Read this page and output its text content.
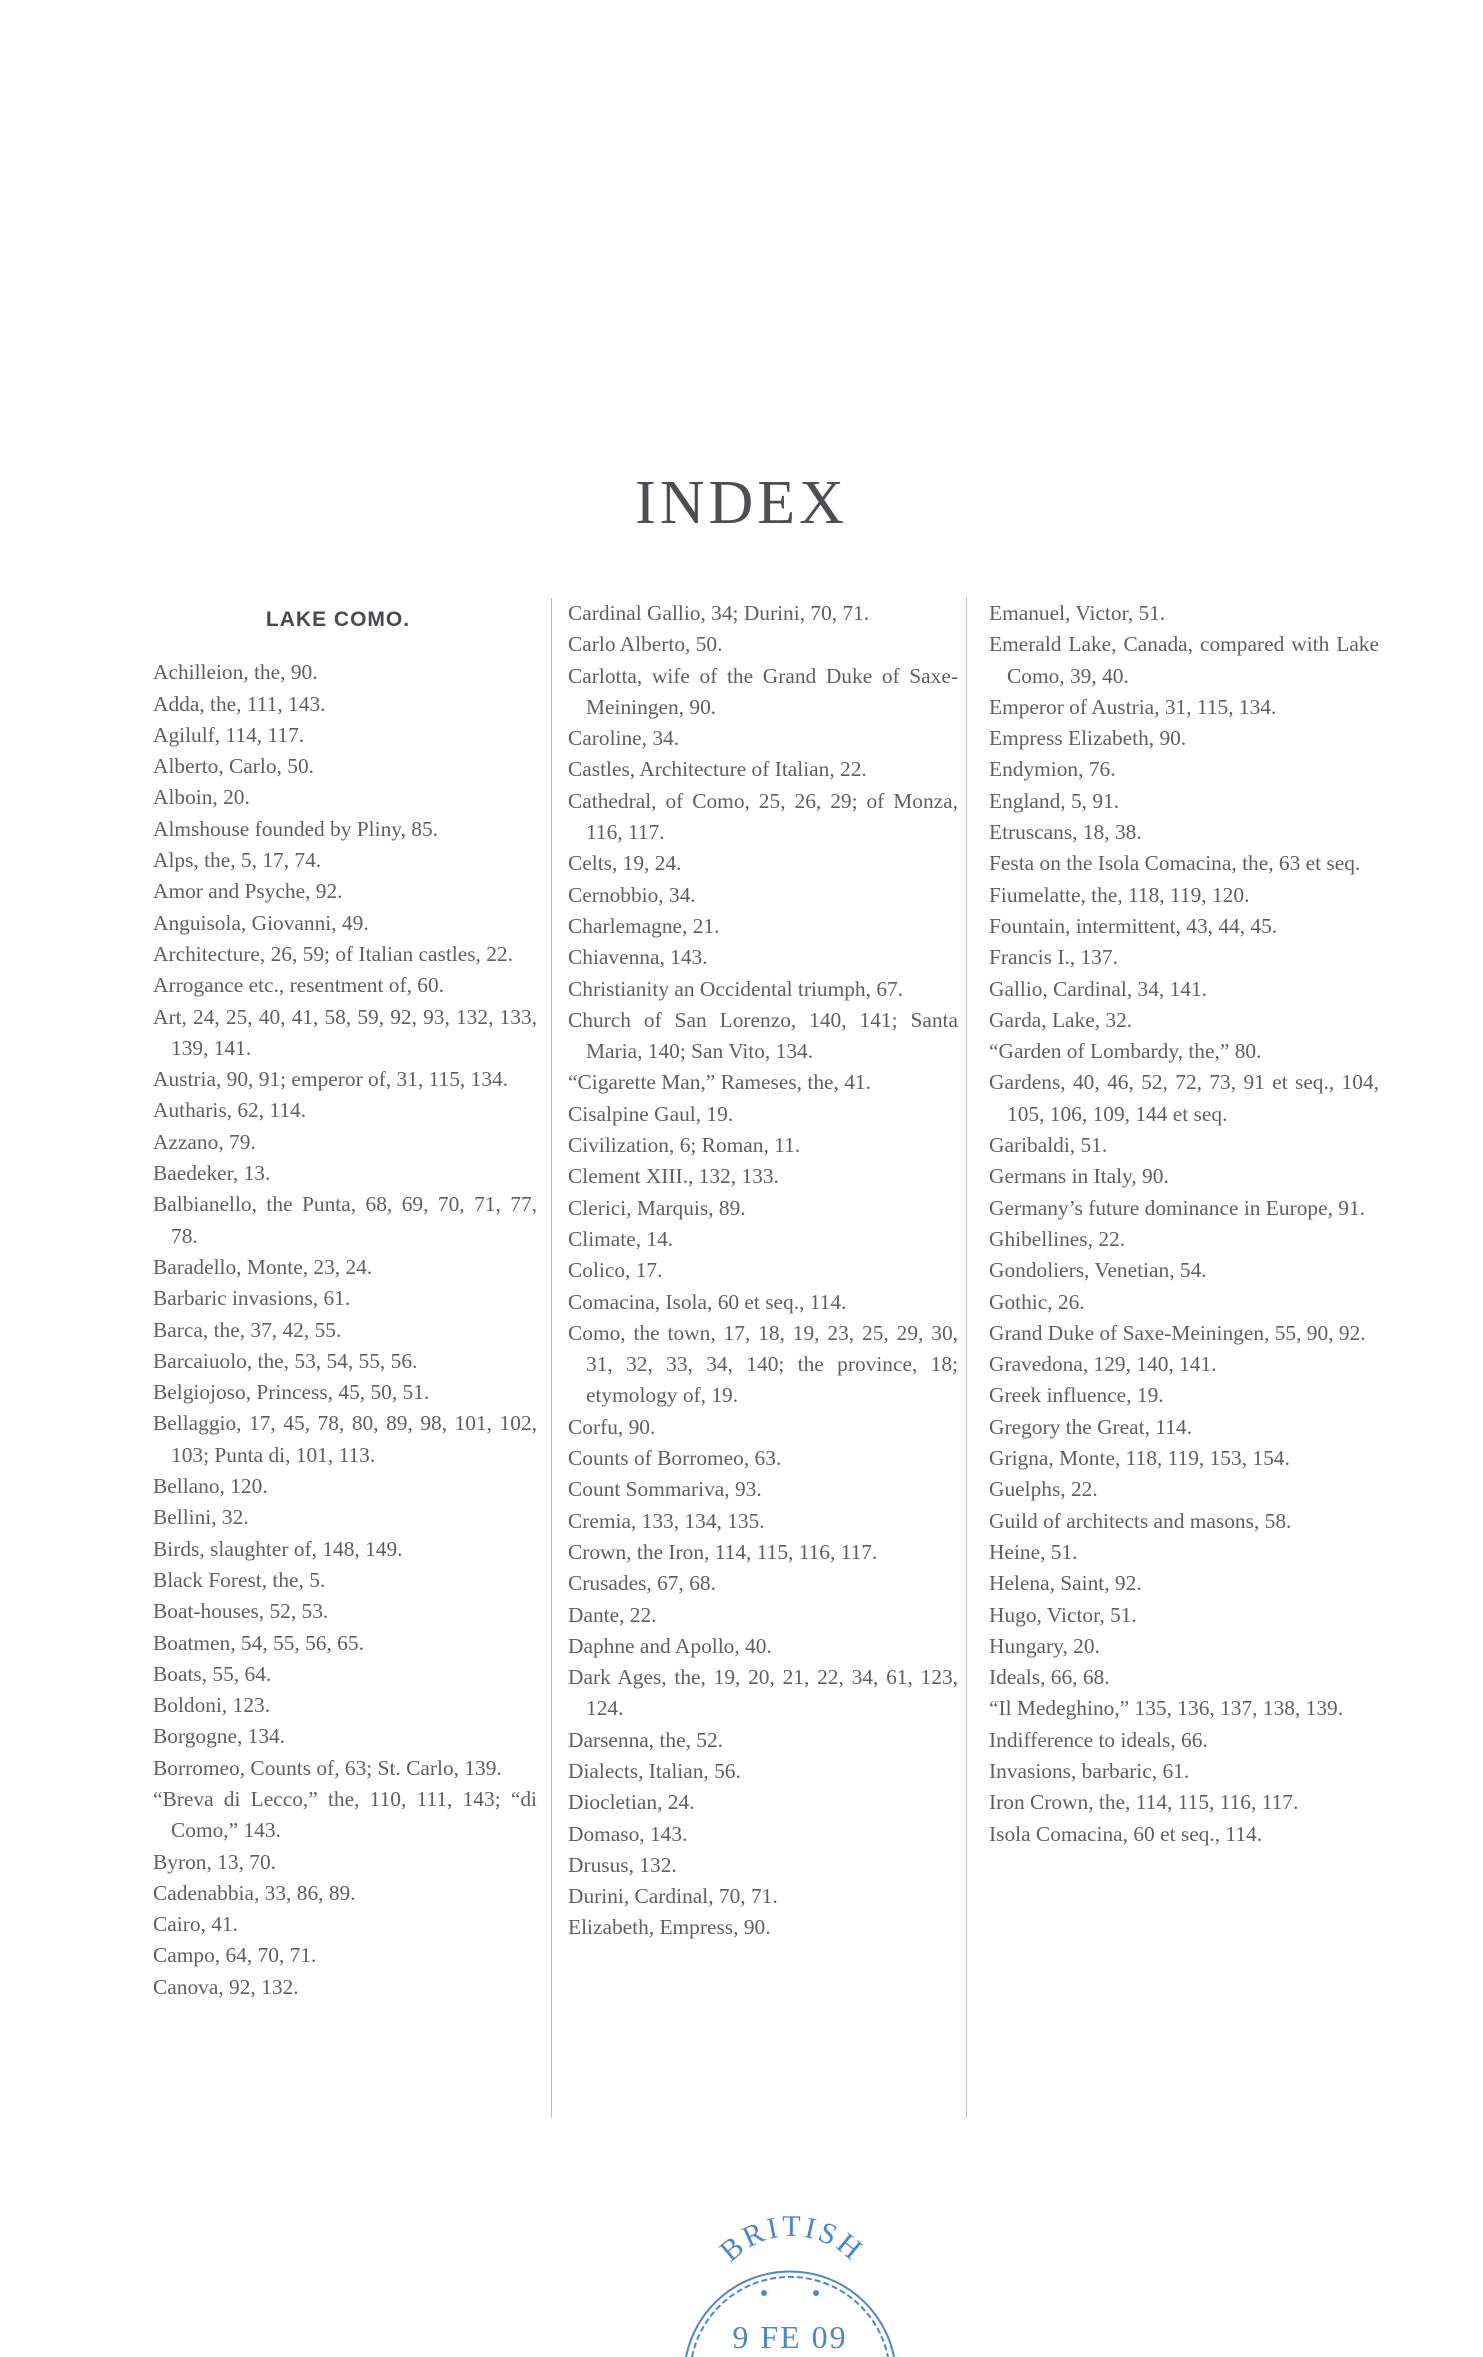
INDEX
LAKE COMO.

Achilleion, the, 90.

Adda, the, 111, 143.

Agilulf, 114, 117.

Alberto, Carlo, 50.

Alboin, 20.

Almshouse founded by Pliny, 85.

Alps, the, 5, 17, 74.

Amor and Psyche, 92.

Anguisola, Giovanni, 49.

Architecture, 26, 59; of Italian castles, 22.

Arrogance etc., resentment of, 60.

Art, 24, 25, 40, 41, 58, 59, 92, 93, 132, 133, 139, 141.

Austria, 90, 91; emperor of, 31, 115, 134.

Autharis, 62, 114.

Azzano, 79.

Baedeker, 13.

Balbianello, the Punta, 68, 69, 70, 71, 77, 78.

Baradello, Monte, 23, 24.

Barbaric invasions, 61.

Barca, the, 37, 42, 55.

Barcaiuolo, the, 53, 54, 55, 56.

Belgiojoso, Princess, 45, 50, 51.

Bellaggio, 17, 45, 78, 80, 89, 98, 101, 102, 103; Punta di, 101, 113.

Bellano, 120.

Bellini, 32.

Birds, slaughter of, 148, 149.

Black Forest, the, 5.

Boat-houses, 52, 53.

Boatmen, 54, 55, 56, 65.

Boats, 55, 64.

Boldoni, 123.

Borgogne, 134.

Borromeo, Counts of, 63; St. Carlo, 139.

“Breva di Lecco,” the, 110, 111, 143; “di Como,” 143.

Byron, 13, 70.

Cadenabbia, 33, 86, 89.

Cairo, 41.

Campo, 64, 70, 71.

Canova, 92, 132.

Cardinal Gallio, 34; Durini, 70, 71.

Carlo Alberto, 50.

Carlotta, wife of the Grand Duke of Saxe-Meiningen, 90.

Caroline, 34.

Castles, Architecture of Italian, 22.

Cathedral, of Como, 25, 26, 29; of Monza, 116, 117.

Celts, 19, 24.

Cernobbio, 34.

Charlemagne, 21.

Chiavenna, 143.

Christianity an Occidental triumph, 67.

Church of San Lorenzo, 140, 141; Santa Maria, 140; San Vito, 134.

“Cigarette Man,” Rameses, the, 41.

Cisalpine Gaul, 19.

Civilization, 6; Roman, 11.

Clement XIII., 132, 133.

Clerici, Marquis, 89.

Climate, 14.

Colico, 17.

Comacina, Isola, 60 et seq., 114.

Como, the town, 17, 18, 19, 23, 25, 29, 30, 31, 32, 33, 34, 140; the province, 18; etymology of, 19.

Corfu, 90.

Counts of Borromeo, 63.

Count Sommariva, 93.

Cremia, 133, 134, 135.

Crown, the Iron, 114, 115, 116, 117.

Crusades, 67, 68.

Dante, 22.

Daphne and Apollo, 40.

Dark Ages, the, 19, 20, 21, 22, 34, 61, 123, 124.

Darsenna, the, 52.

Dialects, Italian, 56.

Diocletian, 24.

Domaso, 143.

Drusus, 132.

Durini, Cardinal, 70, 71.

Elizabeth, Empress, 90.

Emanuel, Victor, 51.

Emerald Lake, Canada, compared with Lake Como, 39, 40.

Emperor of Austria, 31, 115, 134.

Empress Elizabeth, 90.

Endymion, 76.

England, 5, 91.

Etruscans, 18, 38.

Festa on the Isola Comacina, the, 63 et seq.

Fiumelatte, the, 118, 119, 120.

Fountain, intermittent, 43, 44, 45.

Francis I., 137.

Gallio, Cardinal, 34, 141.

Garda, Lake, 32.

“Garden of Lombardy, the,” 80.

Gardens, 40, 46, 52, 72, 73, 91 et seq., 104, 105, 106, 109, 144 et seq.

Garibaldi, 51.

Germans in Italy, 90.

Germany’s future dominance in Europe, 91.

Ghibellines, 22.

Gondoliers, Venetian, 54.

Gothic, 26.

Grand Duke of Saxe-Meiningen, 55, 90, 92.

Gravedona, 129, 140, 141.

Greek influence, 19.

Gregory the Great, 114.

Grigna, Monte, 118, 119, 153, 154.

Guelphs, 22.

Guild of architects and masons, 58.

Heine, 51.

Helena, Saint, 92.

Hugo, Victor, 51.

Hungary, 20.

Ideals, 66, 68.

“Il Medeghino,” 135, 136, 137, 138, 139.

Indifference to ideals, 66.

Invasions, barbaric, 61.

Iron Crown, the, 114, 115, 116, 117.

Isola Comacina, 60 et seq., 114.

BRITISH
9 FE 09
